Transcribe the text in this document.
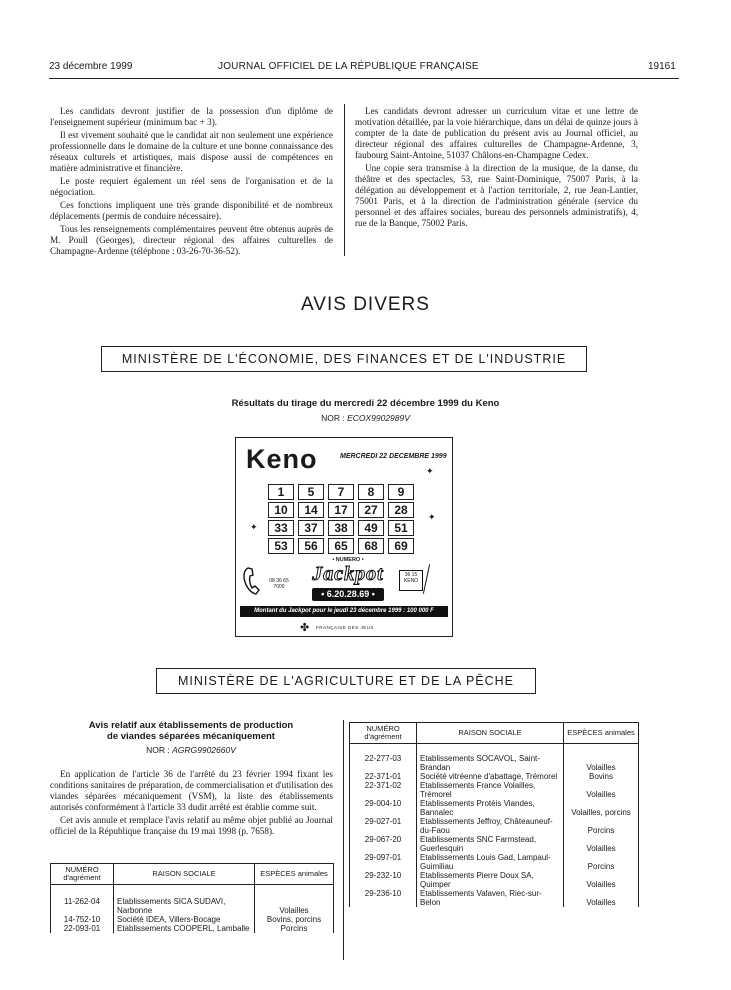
23 décembre 1999	JOURNAL OFFICIEL DE LA RÉPUBLIQUE FRANÇAISE	19161

Les candidats devront justifier de la possession d'un diplôme de l'enseignement supérieur (minimum bac + 3).

Il est vivement souhaité que le candidat ait non seulement une expérience professionnelle dans le domaine de la culture et une bonne connaissance des réseaux culturels et artistiques, mais dispose aussi de compétences en matière administrative et financière.

Le poste requiert également un réel sens de l'organisation et de la négociation.

Ces fonctions impliquent une très grande disponibilité et de nombreux déplacements (permis de conduire nécessaire).

Tous les renseignements complémentaires peuvent être obtenus auprès de M. Poull (Georges), directeur régional des affaires culturelles de Champagne-Ardenne (téléphone : 03-26-70-36-52).

Les candidats devront adresser un curriculum vitae et une lettre de motivation détaillée, par la voie hiérarchique, dans un délai de quinze jours à compter de la date de publication du présent avis au Journal officiel, au directeur régional des affaires culturelles de Champagne-Ardenne, 3, faubourg Saint-Antoine, 51037 Châlons-en-Champagne Cedex.

Une copie sera transmise à la direction de la musique, de la danse, du théâtre et des spectacles, 53, rue Saint-Dominique, 75007 Paris, à la délégation au développement et à l'action territoriale, 2, rue Jean-Lantier, 75001 Paris, et à la direction de l'administration générale (service du personnel et des affaires sociales, bureau des personnels administratifs), 4, rue de la Banque, 75002 Paris.

AVIS DIVERS
MINISTÈRE DE L'ÉCONOMIE, DES FINANCES ET DE L'INDUSTRIE
Résultats du tirage du mercredi 22 décembre 1999 du Keno
NOR : ECOX9902989V
Keno	MERCREDI 22 DECEMBRE 1999
1	5	7	8	9
10	14	17	27	28
33	37	38	49	51
53	56	65	68	69
✦
✦
✦
08 36 65 7000
• NUMERO •
Jackpot
• 6.20.28.69 •
36 15 KENO
Montant du Jackpot pour le jeudi 23 décembre 1999 : 100 000 F
✤ FRANÇAISE DES JEUX
MINISTÈRE DE L'AGRICULTURE ET DE LA PÊCHE
Avis relatif aux établissements de production
de viandes séparées mécaniquement
NOR : AGRG9902660V

En application de l'article 36 de l'arrêté du 23 février 1994 fixant les conditions sanitaires de préparation, de commercialisation et d'utilisation des viandes séparées mécaniquement (VSM), la liste des établissements autorisés conformément à l'article 33 dudit arrêté est établie comme suit.

Cet avis annule et remplace l'avis relatif au même objet publié au Journal officiel de la République française du 19 mai 1998 (p. 7658).

NUMÉRO d'agrément	RAISON SOCIALE	ESPÈCES animales

11-262-04	Etablissements SICA SUDAVI, Narbonne	Volailles
14-752-10	Société IDEA, Villers-Bocage	Bovins, porcins
22-093-01	Etablissements COOPERL, Lamballe	Porcins
NUMÉRO d'agrément	RAISON SOCIALE	ESPÈCES animales

22-277-03	Etablissements SOCAVOL, Saint-Brandan	Volailles
22-371-01	Société vitréenne d'abattage, Trémorel	Bovins
22-371-02	Etablissements France Volailles, Trémorel	Volailles
29-004-10	Etablissements Protéis Viandes, Bannalec	Volailles, porcins
29-027-01	Etablissements Jeffroy, Châteauneuf-du-Faou	Porcins
29-067-20	Etablissements SNC Farmstead, Guerlesquin	Volailles
29-097-01	Etablissements Louis Gad, Lampaul-Guimiliau	Porcins
29-232-10	Etablissements Pierre Doux SA, Quimper	Volailles
29-236-10	Etablissements Valaven, Riec-sur-Belon	Volailles
